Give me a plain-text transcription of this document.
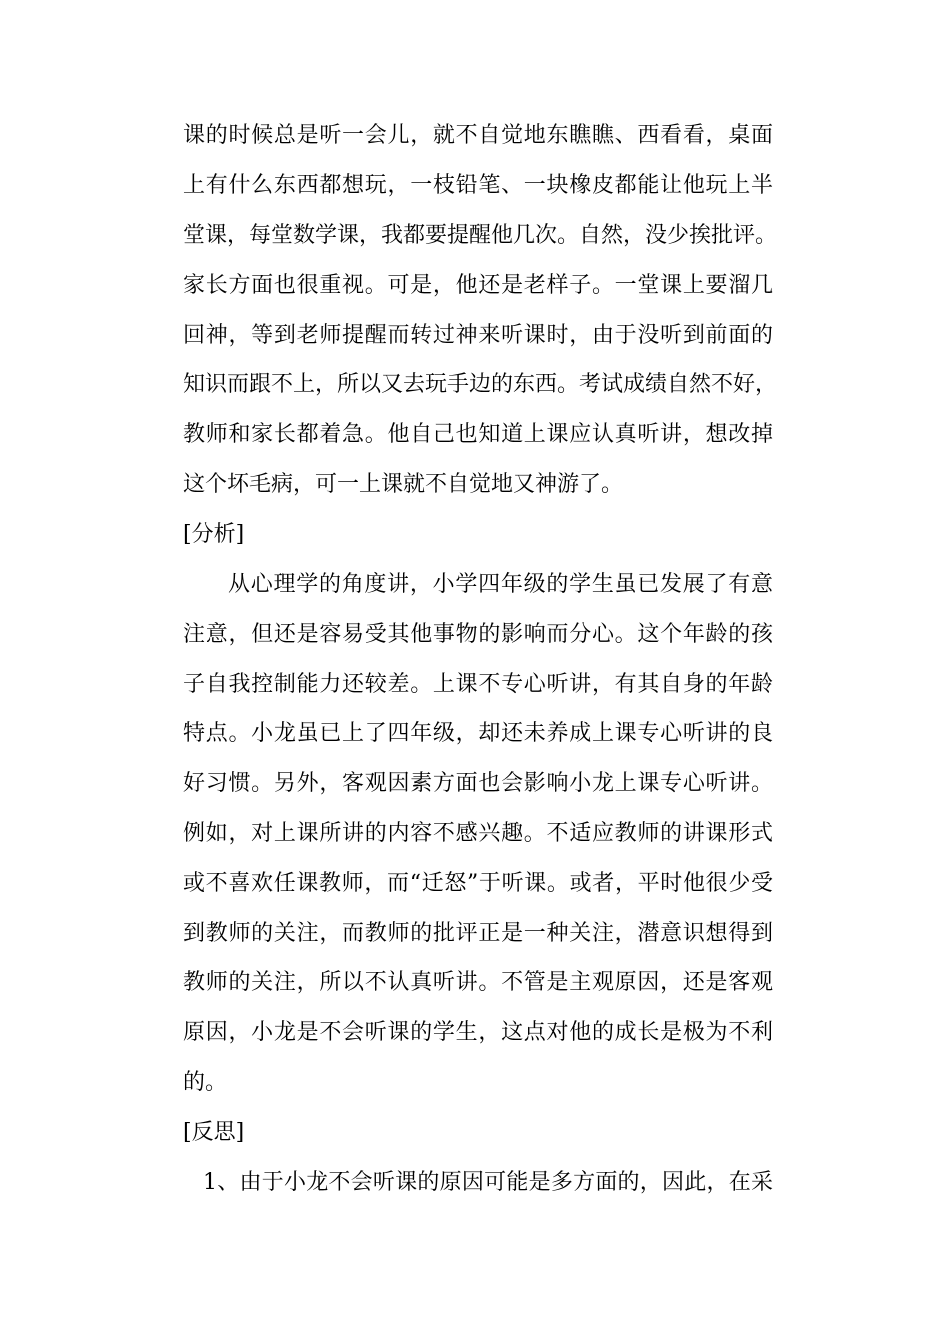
课的时候总是听一会儿，就不自觉地东瞧瞧、西看看，桌面
上有什么东西都想玩，一枝铅笔、一块橡皮都能让他玩上半
堂课，每堂数学课，我都要提醒他几次。自然，没少挨批评。
家长方面也很重视。可是，他还是老样子。一堂课上要溜几
回神，等到老师提醒而转过神来听课时，由于没听到前面的
知识而跟不上，所以又去玩手边的东西。考试成绩自然不好，
教师和家长都着急。他自己也知道上课应认真听讲，想改掉
这个坏毛病，可一上课就不自觉地又神游了。
[分析]
从心理学的角度讲，小学四年级的学生虽已发展了有意
注意，但还是容易受其他事物的影响而分心。这个年龄的孩
子自我控制能力还较差。上课不专心听讲，有其自身的年龄
特点。小龙虽已上了四年级，却还未养成上课专心听讲的良
好习惯。另外，客观因素方面也会影响小龙上课专心听讲。
例如，对上课所讲的内容不感兴趣。不适应教师的讲课形式
或不喜欢任课教师，而“迁怒”于听课。或者，平时他很少受
到教师的关注，而教师的批评正是一种关注，潜意识想得到
教师的关注，所以不认真听讲。不管是主观原因，还是客观
原因，小龙是不会听课的学生，这点对他的成长是极为不利
的。
[反思]
1、由于小龙不会听课的原因可能是多方面的，因此，在采
